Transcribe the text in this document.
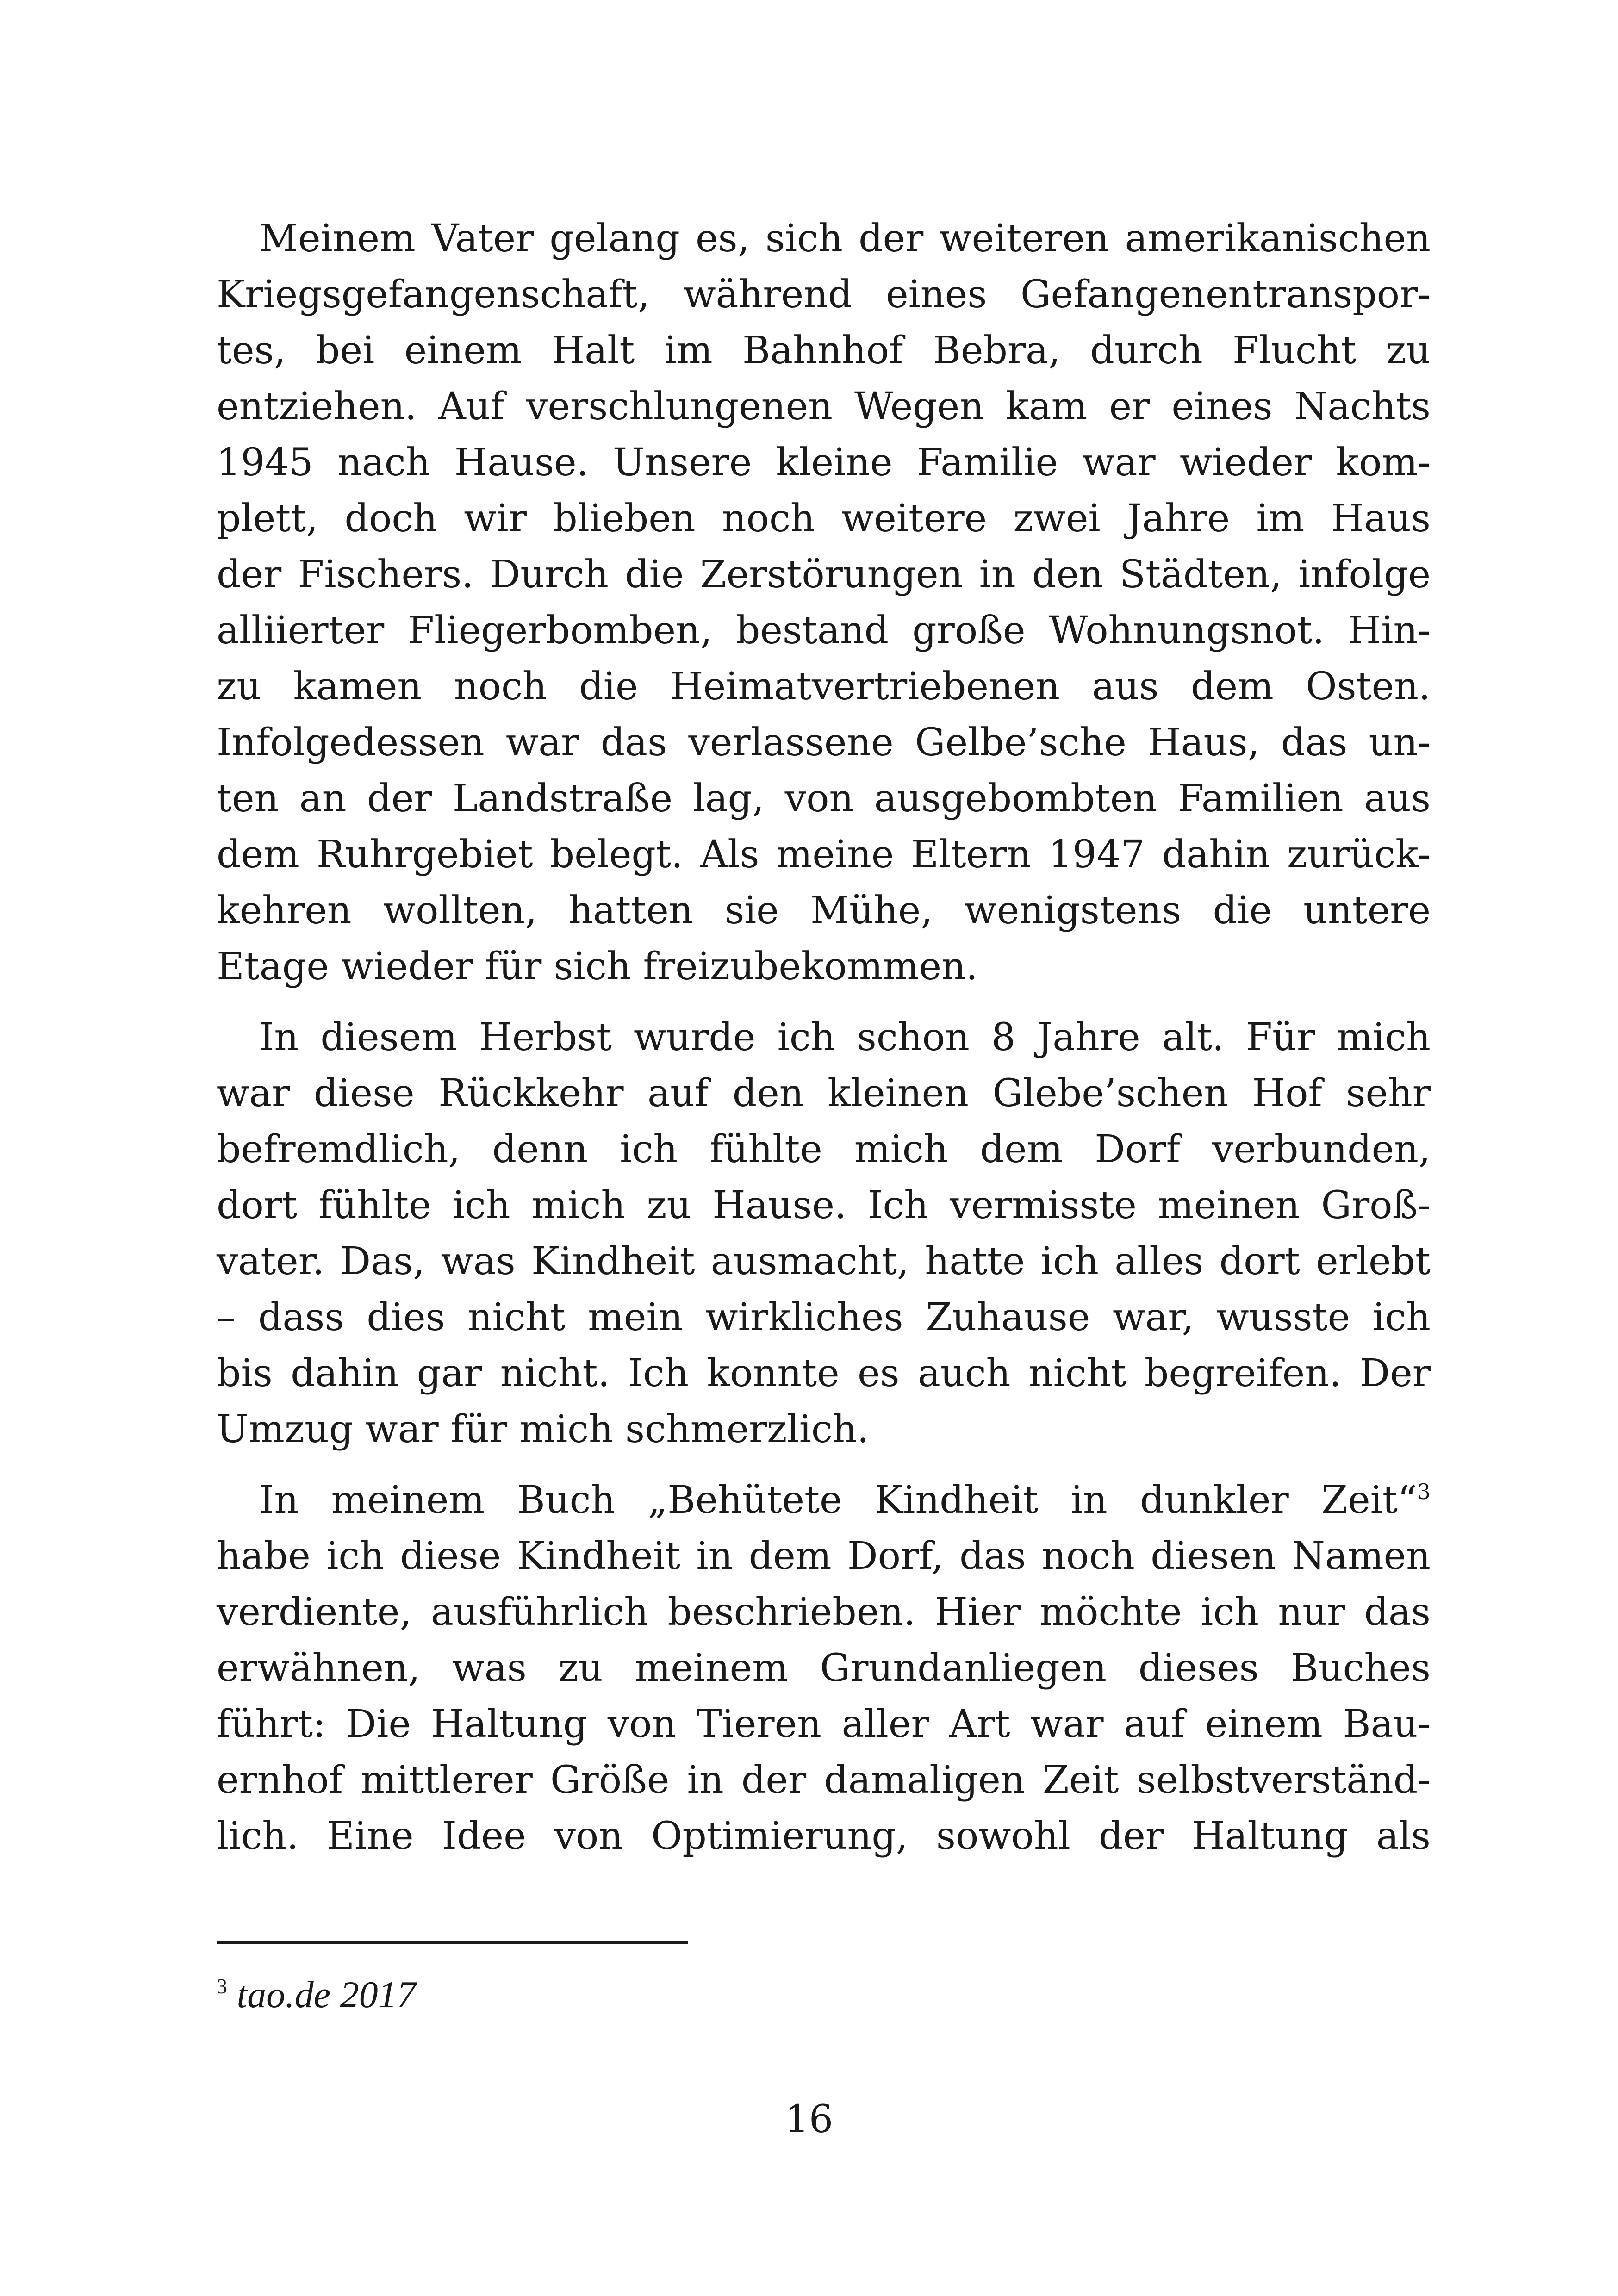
Meinem Vater gelang es, sich der weiteren amerikanischen
Kriegsgefangenschaft, während eines Gefangenentranspor-
tes, bei einem Halt im Bahnhof Bebra, durch Flucht zu
entziehen. Auf verschlungenen Wegen kam er eines Nachts
1945 nach Hause. Unsere kleine Familie war wieder kom-
plett, doch wir blieben noch weitere zwei Jahre im Haus
der Fischers. Durch die Zerstörungen in den Städten, infolge
alliierter Fliegerbomben, bestand große Wohnungsnot. Hin-
zu kamen noch die Heimatvertriebenen aus dem Osten.
Infolgedessen war das verlassene Gelbe’sche Haus, das un-
ten an der Landstraße lag, von ausgebombten Familien aus
dem Ruhrgebiet belegt. Als meine Eltern 1947 dahin zurück-
kehren wollten, hatten sie Mühe, wenigstens die untere
Etage wieder für sich freizubekommen.
In diesem Herbst wurde ich schon 8 Jahre alt. Für mich
war diese Rückkehr auf den kleinen Glebe’schen Hof sehr
befremdlich, denn ich fühlte mich dem Dorf verbunden,
dort fühlte ich mich zu Hause. Ich vermisste meinen Groß-
vater. Das, was Kindheit ausmacht, hatte ich alles dort erlebt
– dass dies nicht mein wirkliches Zuhause war, wusste ich
bis dahin gar nicht. Ich konnte es auch nicht begreifen. Der
Umzug war für mich schmerzlich.
In meinem Buch „Behütete Kindheit in dunkler Zeit“$^3$
habe ich diese Kindheit in dem Dorf, das noch diesen Namen
verdiente, ausführlich beschrieben. Hier möchte ich nur das
erwähnen, was zu meinem Grundanliegen dieses Buches
führt: Die Haltung von Tieren aller Art war auf einem Bau-
ernhof mittlerer Größe in der damaligen Zeit selbstverständ-
lich. Eine Idee von Optimierung, sowohl der Haltung als
$^3$ tao.de 2017
16
